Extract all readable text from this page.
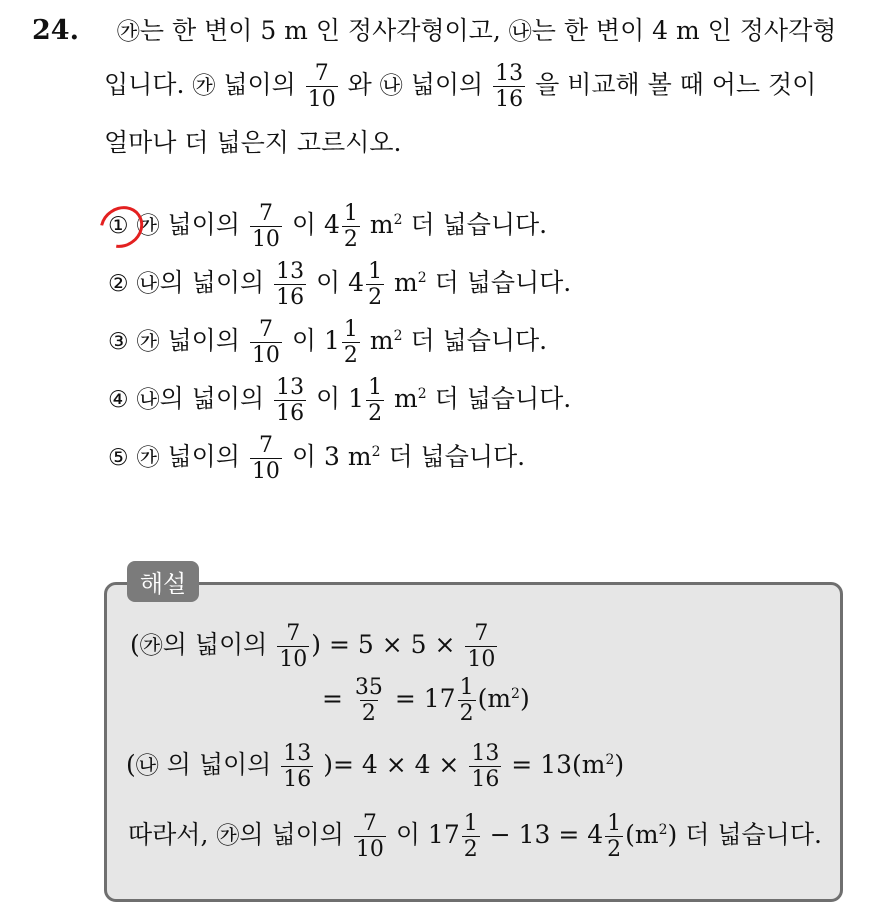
24. ㉮는 한 변이 5 m 인 정사각형이고, ㉯는 한 변이 4 m 인 정사각형
입니다. ㉮ 넓이의 $\frac{7}{10}$ 와 ㉯ 넓이의 $\frac{13}{16}$ 을 비교해 볼 때 어느 것이
얼마나 더 넓은지 고르시오.
① ㉮ 넓이의 $\frac{7}{10}$ 이 $4 \frac{1}{2} m^2$ 더 넓습니다.
② ㉯의 넓이의 $\frac{13}{16}$ 이 $4 \frac{1}{2} m^2$ 더 넓습니다.
③ ㉮ 넓이의 $\frac{7}{10}$ 이 $1 \frac{1}{2} m^2$ 더 넓습니다.
④ ㉯의 넓이의 $\frac{13}{16}$ 이 $1 \frac{1}{2} m^2$ 더 넓습니다.
⑤ ㉮ 넓이의 $\frac{7}{10}$ 이 3 $m^2$ 더 넓습니다.
해설
(㉮의 넓이의 $\frac{7}{10}$ ) = $5 \times 5 \times \frac{7}{10}$
= $\frac{35}{2} = 17 \frac{1}{2} (m^2)$
(㉯ 의 넓이의 $\frac{13}{16}$ )= $4 \times 4 \times \frac{13}{16} = 13(m^2)$
따라서, ㉮의 넓이의 $\frac{7}{10}$ 이 $17 \frac{1}{2} - 13 = 4 \frac{1}{2} (m^2)$ 더 넓습니다.
